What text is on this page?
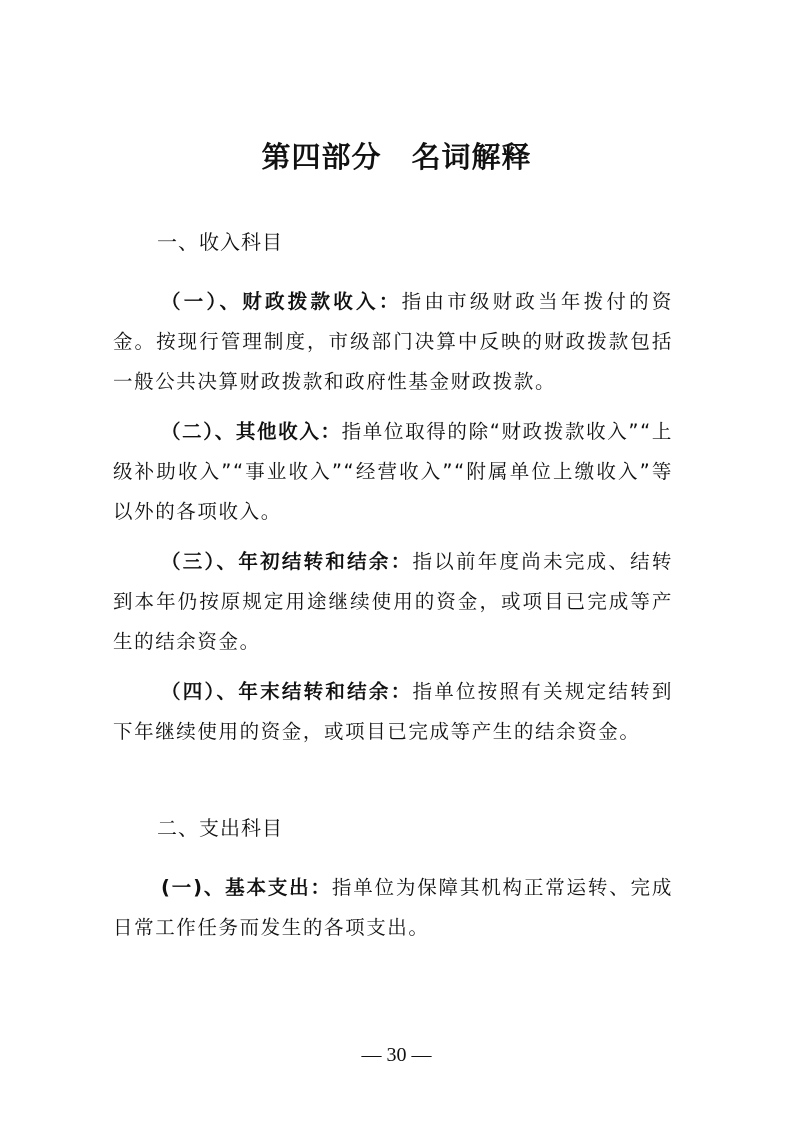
第四部分　名词解释
一、收入科目
（一）、财政拨款收入：指由市级财政当年拨付的资金。按现行管理制度，市级部门决算中反映的财政拨款包括一般公共决算财政拨款和政府性基金财政拨款。
（二）、其他收入：指单位取得的除“财政拨款收入”“上级补助收入”“事业收入”“经营收入”“附属单位上缴收入”等以外的各项收入。
（三）、年初结转和结余：指以前年度尚未完成、结转到本年仍按原规定用途继续使用的资金，或项目已完成等产生的结余资金。
（四）、年末结转和结余：指单位按照有关规定结转到下年继续使用的资金，或项目已完成等产生的结余资金。
二、支出科目
(一)、基本支出：指单位为保障其机构正常运转、完成日常工作任务而发生的各项支出。
— 30 —
